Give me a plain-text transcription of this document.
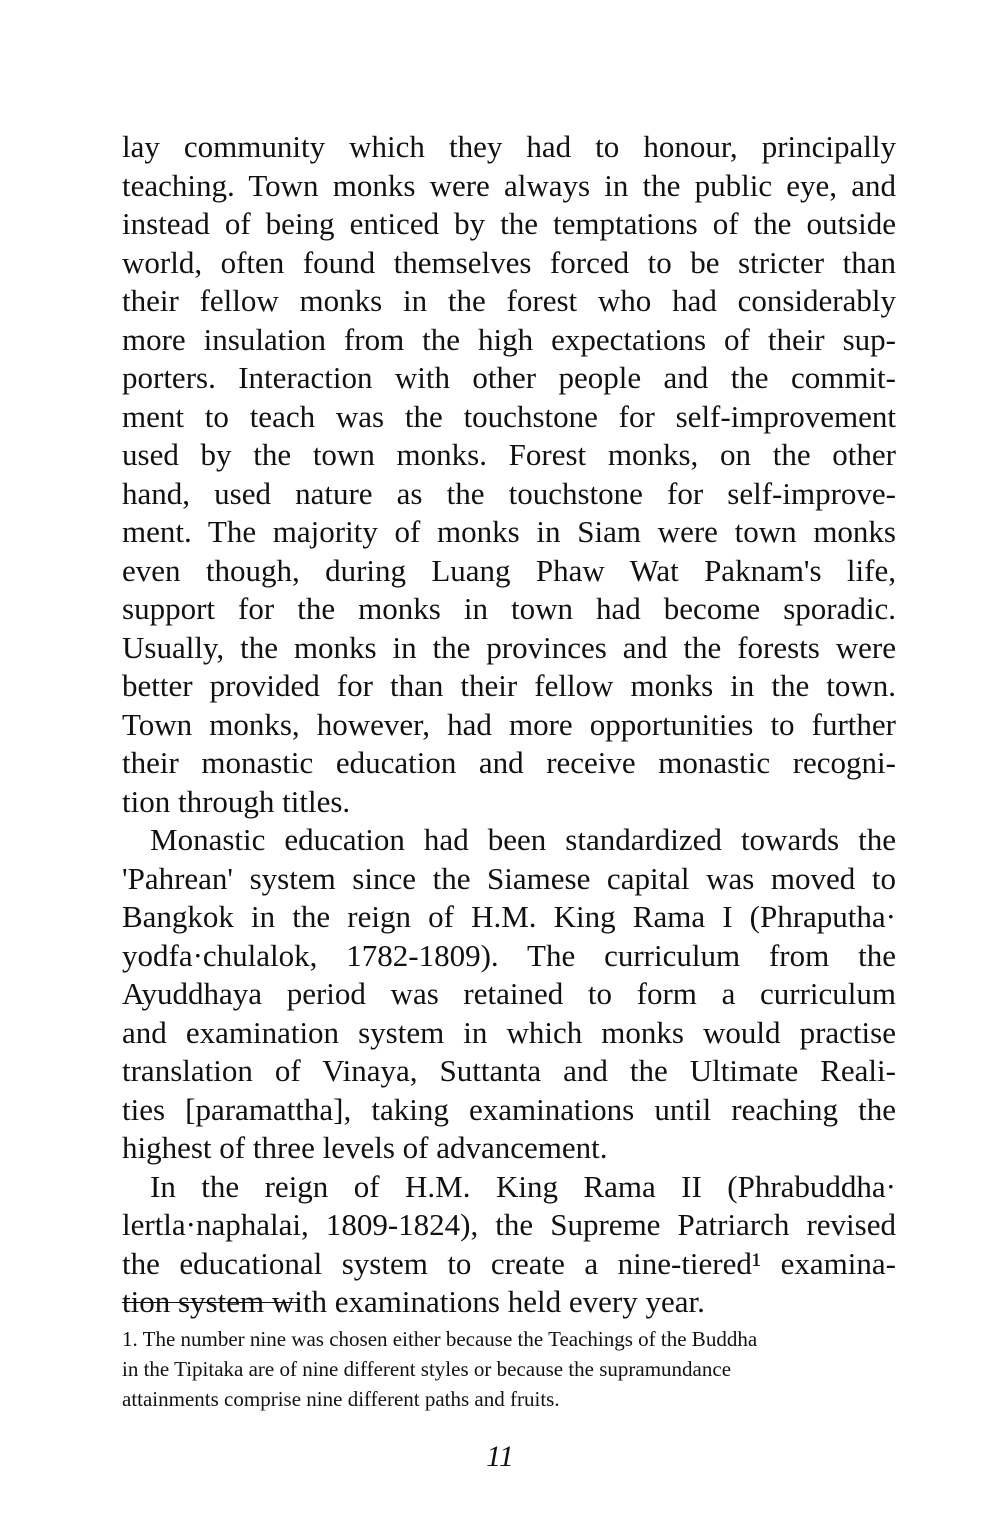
lay community which they had to honour, principally
teaching. Town monks were always in the public eye, and
instead of being enticed by the temptations of the outside
world, often found themselves forced to be stricter than
their fellow monks in the forest who had considerably
more insulation from the high expectations of their sup-
porters. Interaction with other people and the commit-
ment to teach was the touchstone for self-improvement
used by the town monks. Forest monks, on the other
hand, used nature as the touchstone for self-improve-
ment. The majority of monks in Siam were town monks
even though, during Luang Phaw Wat Paknam's life,
support for the monks in town had become sporadic.
Usually, the monks in the provinces and the forests were
better provided for than their fellow monks in the town.
Town monks, however, had more opportunities to further
their monastic education and receive monastic recogni-
tion through titles.

Monastic education had been standardized towards the
'Pahrean' system since the Siamese capital was moved to
Bangkok in the reign of H.M. King Rama I (Phraputha·
yodfa·chulalok, 1782-1809). The curriculum from the
Ayuddhaya period was retained to form a curriculum
and examination system in which monks would practise
translation of Vinaya, Suttanta and the Ultimate Reali-
ties [paramattha], taking examinations until reaching the
highest of three levels of advancement.

In the reign of H.M. King Rama II (Phrabuddha·
lertla·naphalai, 1809-1824), the Supreme Patriarch revised
the educational system to create a nine-tiered¹ examina-
tion system with examinations held every year.

1. The number nine was chosen either because the Teachings of the Buddha
in the Tipitaka are of nine different styles or because the supramundance
attainments comprise nine different paths and fruits.
11
